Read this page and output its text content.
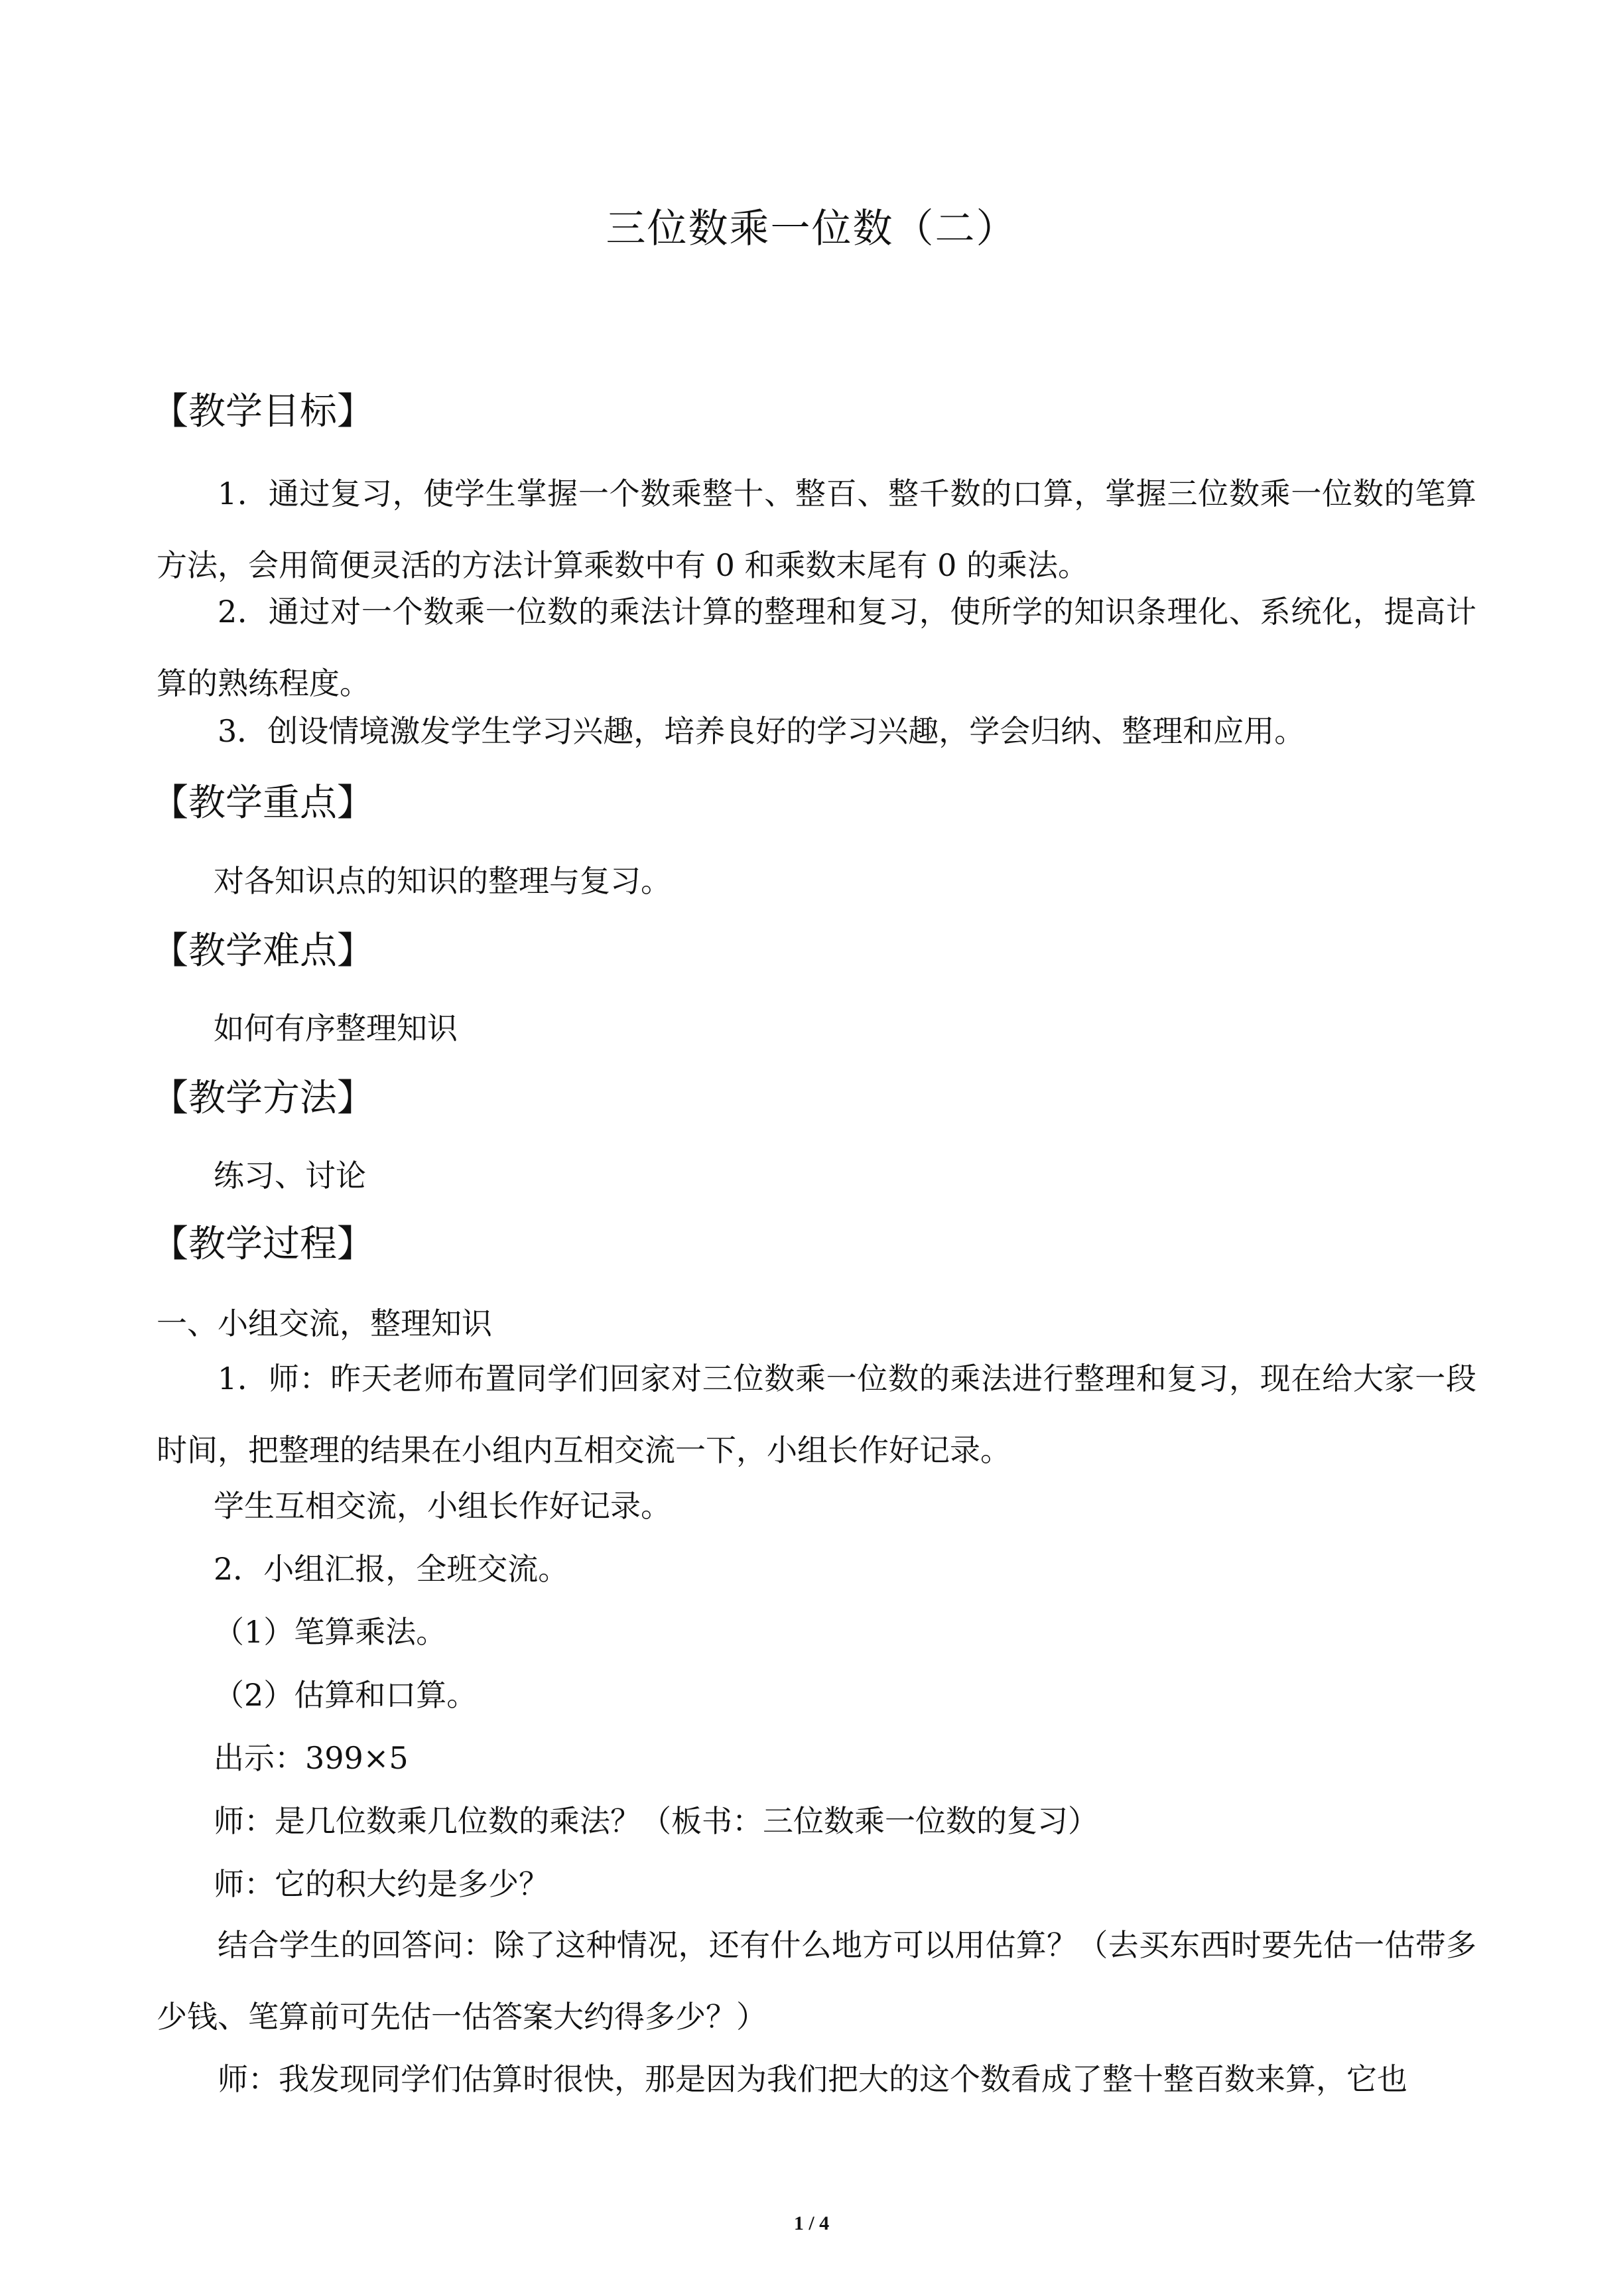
三位数乘一位数（二）
【教学目标】
1．通过复习，使学生掌握一个数乘整十、整百、整千数的口算，掌握三位数乘一位数的笔算方法，会用简便灵活的方法计算乘数中有 0 和乘数末尾有 0 的乘法。
2．通过对一个数乘一位数的乘法计算的整理和复习，使所学的知识条理化、系统化，提高计算的熟练程度。
3．创设情境激发学生学习兴趣，培养良好的学习兴趣，学会归纳、整理和应用。
【教学重点】
对各知识点的知识的整理与复习。
【教学难点】
如何有序整理知识
【教学方法】
练习、讨论
【教学过程】
一、小组交流，整理知识
1．师：昨天老师布置同学们回家对三位数乘一位数的乘法进行整理和复习，现在给大家一段时间，把整理的结果在小组内互相交流一下，小组长作好记录。
学生互相交流，小组长作好记录。
2．小组汇报，全班交流。
（1）笔算乘法。
（2）估算和口算。
出示：399×5
师：是几位数乘几位数的乘法？（板书：三位数乘一位数的复习）
师：它的积大约是多少？
结合学生的回答问：除了这种情况，还有什么地方可以用估算？（去买东西时要先估一估带多少钱、笔算前可先估一估答案大约得多少？）
师：我发现同学们估算时很快，那是因为我们把大的这个数看成了整十整百数来算，它也
1 / 4
